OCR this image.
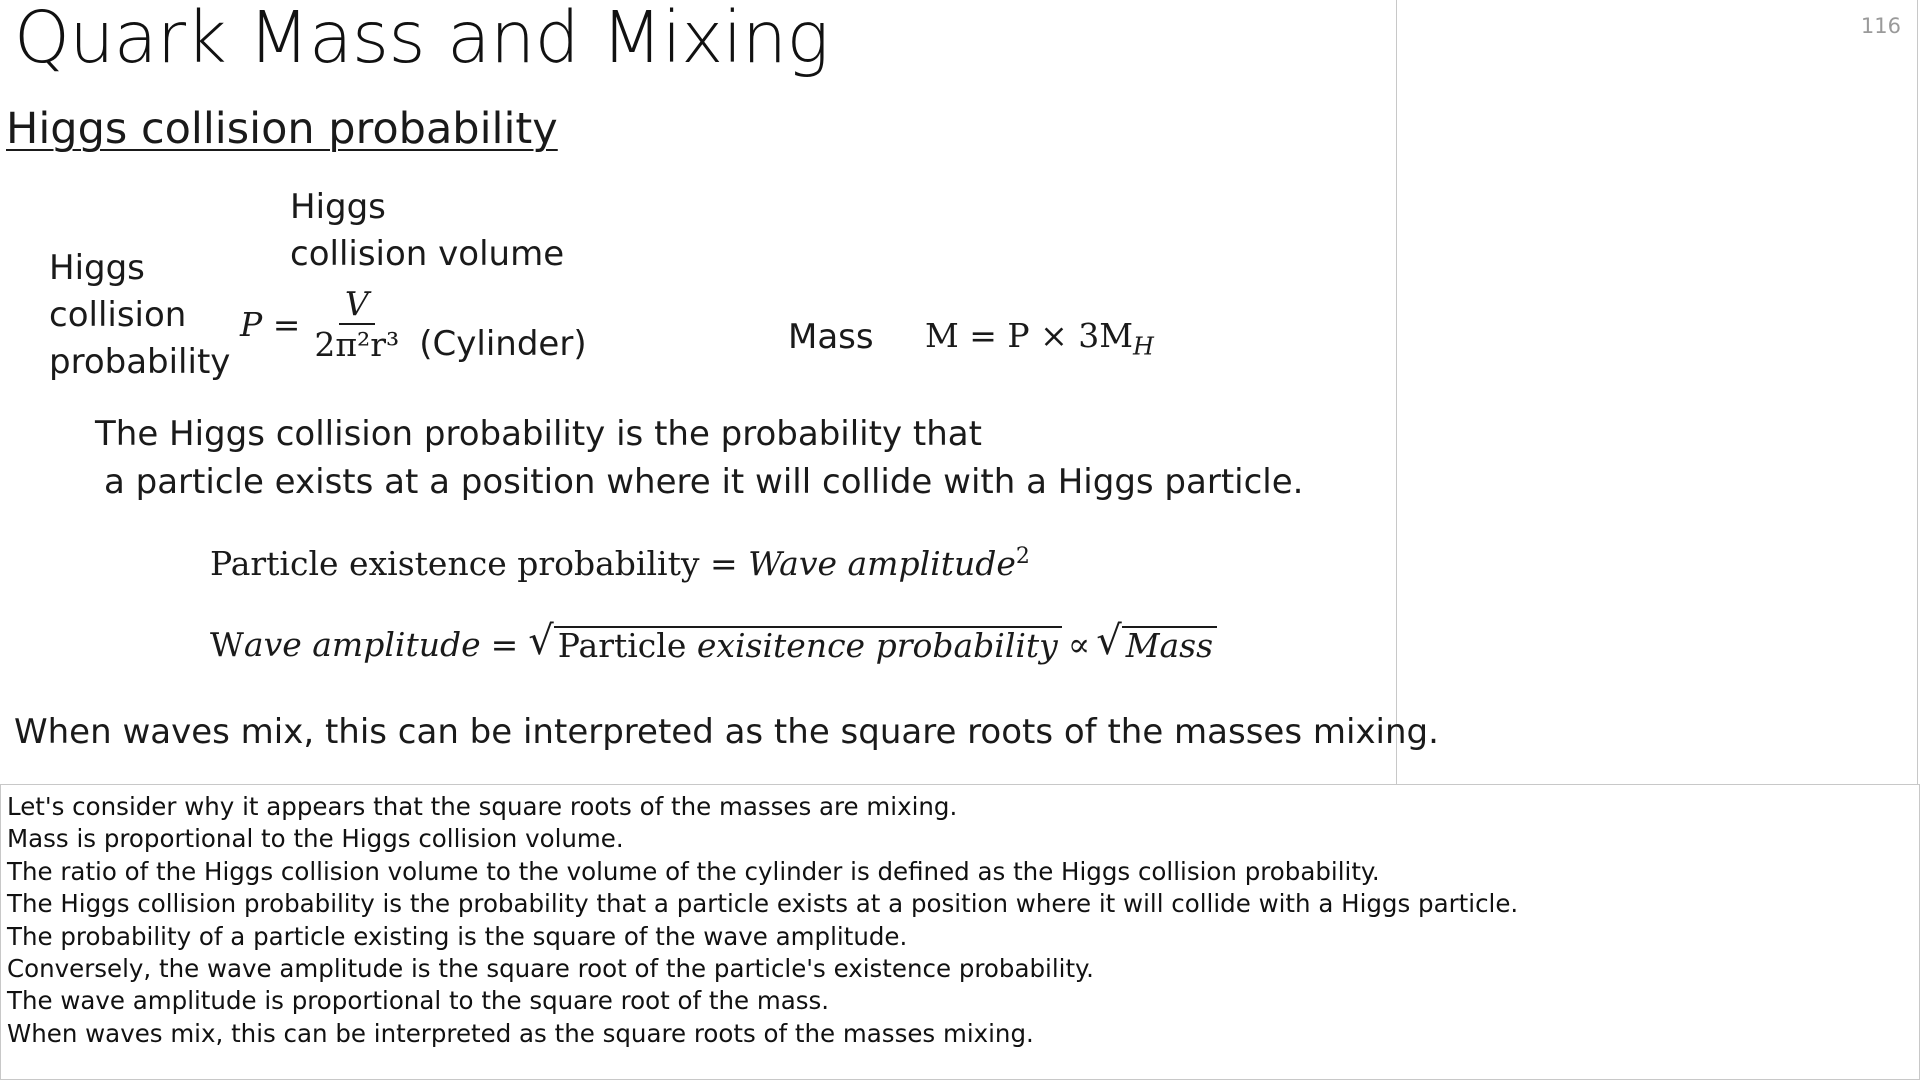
116
Quark Mass and Mixing
Higgs collision probability
Higgs
collision volume
Higgs
collision
probability
$P = \frac{V}{\text{2π²r³}}$ (Cylinder)	Mass $M = P \times 3M_H$
The Higgs collision probability is the probability that
a particle exists at a position where it will collide with a Higgs particle.
Particle existence probability = Wave amplitude$^2$
W ave amplitude = √ Particle exisitence probability ∝ √ Mass
When waves mix, this can be interpreted as the square roots of the masses mixing.
Let's consider why it appears that the square roots of the masses are mixing.
Mass is proportional to the Higgs collision volume.
The ratio of the Higgs collision volume to the volume of the cylinder is defined as the Higgs collision probability.
The Higgs collision probability is the probability that a particle exists at a position where it will collide with a Higgs particle.
The probability of a particle existing is the square of the wave amplitude.
Conversely, the wave amplitude is the square root of the particle's existence probability.
The wave amplitude is proportional to the square root of the mass.
When waves mix, this can be interpreted as the square roots of the masses mixing.
